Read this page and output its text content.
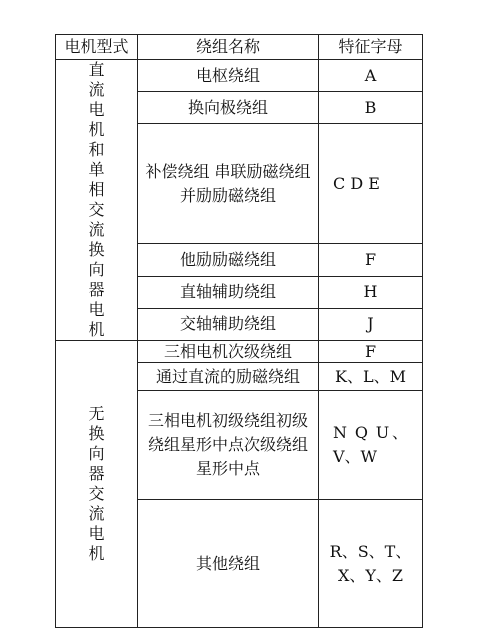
电机型式	绕组名称	特征字母
直流电机和单相交流换向器电机	电枢绕组	A
	换向极绕组	B
	补偿绕组 串联励磁绕组 并励励磁绕组	C D E
	他励励磁绕组	F
	直轴辅助绕组	H
	交轴辅助绕组	J
无换向器交流电机	三相电机次级绕组	F
	通过直流的励磁绕组	K、L、M
	三相电机初级绕组初级绕组星形中点次级绕组星形中点	N Q U、V、W
	其他绕组	R、S、T、X、Y、Z
